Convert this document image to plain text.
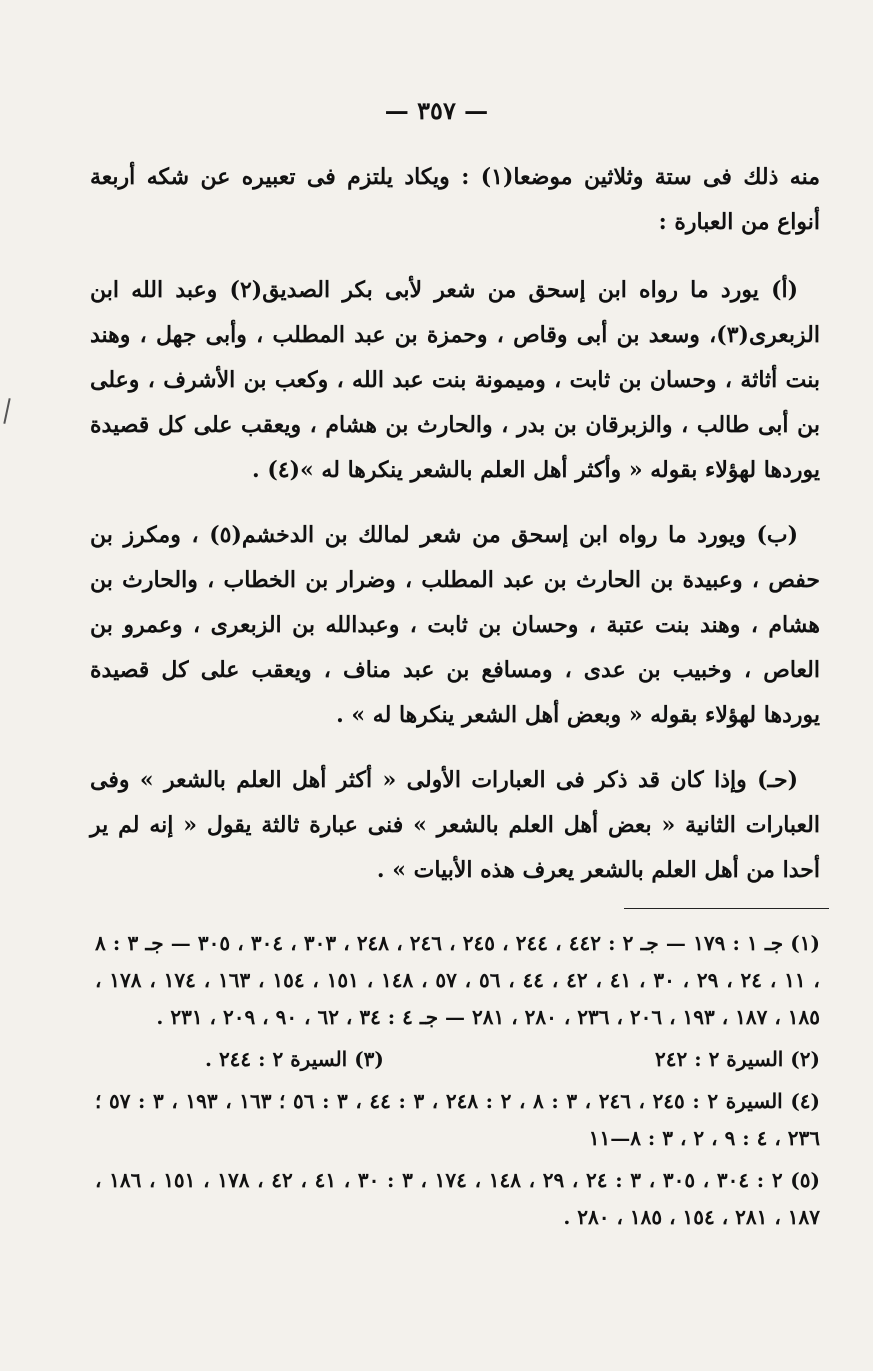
— ٣٥٧ —

منه ذلك فى ستة وثلاثين موضعا(١) : ويكاد يلتزم فى تعبيره عن شكه أربعة أنواع من العبارة :

(أ) يورد ما رواه ابن إسحق من شعر لأبى بكر الصديق(٢) وعبد الله ابن الزبعرى(٣)، وسعد بن أبى وقاص ، وحمزة بن عبد المطلب ، وأبى جهل ، وهند بنت أثاثة ، وحسان بن ثابت ، وميمونة بنت عبد الله ، وكعب بن الأشرف ، وعلى بن أبى طالب ، والزبرقان بن بدر ، والحارث بن هشام ، ويعقب على كل قصيدة يوردها لهؤلاء بقوله « وأكثر أهل العلم بالشعر ينكرها له »(٤) .

(ب) ويورد ما رواه ابن إسحق من شعر لمالك بن الدخشم(٥) ، ومكرز بن حفص ، وعبيدة بن الحارث بن عبد المطلب ، وضرار بن الخطاب ، والحارث بن هشام ، وهند بنت عتبة ، وحسان بن ثابت ، وعبدالله بن الزبعرى ، وعمرو بن العاص ، وخبيب بن عدى ، ومسافع بن عبد مناف ، ويعقب على كل قصيدة يوردها لهؤلاء بقوله « وبعض أهل الشعر ينكرها له » .

(حـ) وإذا كان قد ذكر فى العبارات الأولى « أكثر أهل العلم بالشعر » وفى العبارات الثانية « بعض أهل العلم بالشعر » فنى عبارة ثالثة يقول « إنه لم ير أحدا من أهل العلم بالشعر يعرف هذه الأبيات » .

(١) جـ ١ : ١٧٩ — جـ ٢ : ٤٤٢ ، ٢٤٤ ، ٢٤٥ ، ٢٤٦ ، ٢٤٨ ، ٣٠٣ ، ٣٠٤ ، ٣٠٥ — جـ ٣ : ٨ ، ١١ ، ٢٤ ، ٢٩ ، ٣٠ ، ٤١ ، ٤٢ ، ٤٤ ، ٥٦ ، ٥٧ ، ١٤٨ ، ١٥١ ، ١٥٤ ، ١٦٣ ، ١٧٤ ، ١٧٨ ، ١٨٥ ، ١٨٧ ، ١٩٣ ، ٢٠٦ ، ٢٣٦ ، ٢٨٠ ، ٢٨١ — جـ ٤ : ٣٤ ، ٦٢ ، ٩٠ ، ٢٠٩ ، ٢٣١ .

(٢) السيرة ٢ : ٢٤٢
(٣) السيرة ٢ : ٢٤٤ .

(٤) السيرة ٢ : ٢٤٥ ، ٢٤٦ ، ٣ : ٨ ، ٢ : ٢٤٨ ، ٣ : ٤٤ ، ٣ : ٥٦ ؛ ١٦٣ ، ١٩٣ ، ٣ : ٥٧ ؛ ٢٣٦ ، ٤ : ٩ ، ٢ ، ٣ : ٨—١١

(٥) ٢ : ٣٠٤ ، ٣٠٥ ، ٣ : ٢٤ ، ٢٩ ، ١٤٨ ، ١٧٤ ، ٣ : ٣٠ ، ٤١ ، ٤٢ ، ١٧٨ ، ١٥١ ، ١٨٦ ، ١٨٧ ، ٢٨١ ، ١٥٤ ، ١٨٥ ، ٢٨٠ .
